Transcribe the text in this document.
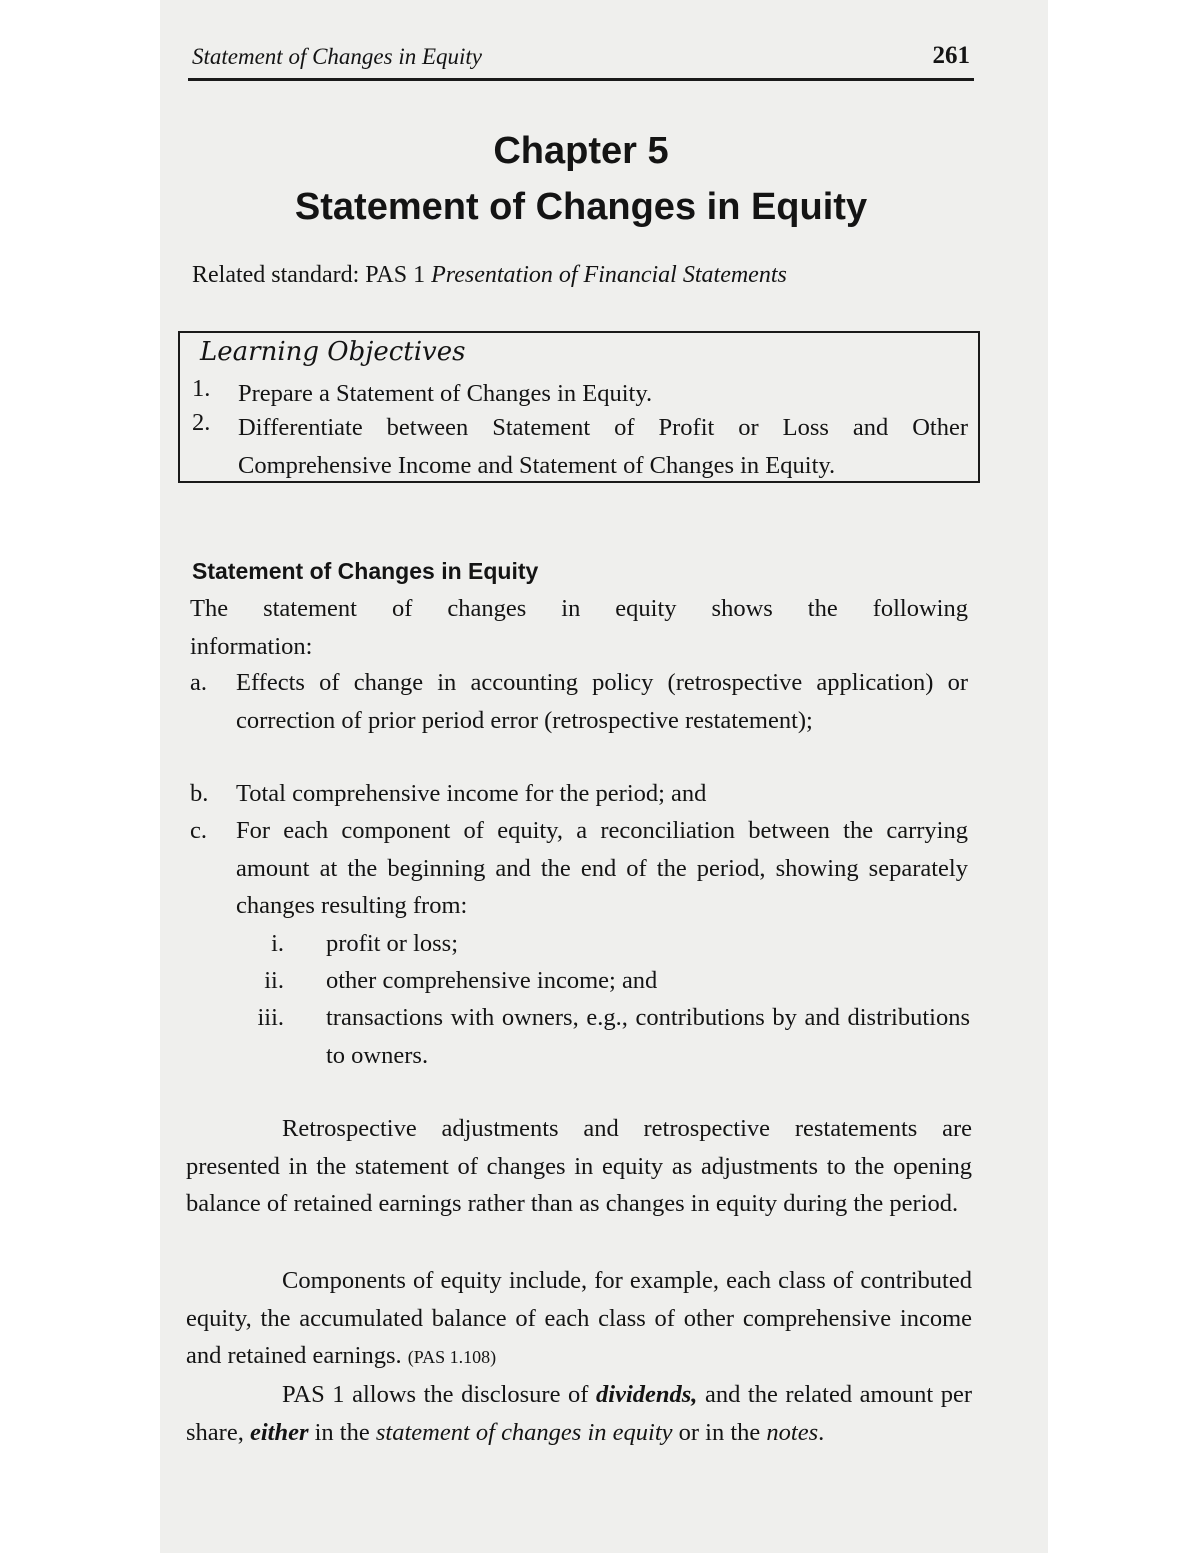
Statement of Changes in Equity	261
Chapter 5
Statement of Changes in Equity
Related standard: PAS 1 Presentation of Financial Statements
Learning Objectives
1. Prepare a Statement of Changes in Equity.
2. Differentiate between Statement of Profit or Loss and Other Comprehensive Income and Statement of Changes in Equity.
Statement of Changes in Equity
The statement of changes in equity shows the following
information:
a. Effects of change in accounting policy (retrospective application) or correction of prior period error (retrospective restatement);
b. Total comprehensive income for the period; and
c. For each component of equity, a reconciliation between the carrying amount at the beginning and the end of the period, showing separately changes resulting from:
i. profit or loss;
ii. other comprehensive income; and
iii. transactions with owners, e.g., contributions by and distributions to owners.
Retrospective adjustments and retrospective restatements are presented in the statement of changes in equity as adjustments to the opening balance of retained earnings rather than as changes in equity during the period.
Components of equity include, for example, each class of contributed equity, the accumulated balance of each class of other comprehensive income and retained earnings. (PAS 1.108)
PAS 1 allows the disclosure of dividends, and the related amount per share, either in the statement of changes in equity or in the notes.
